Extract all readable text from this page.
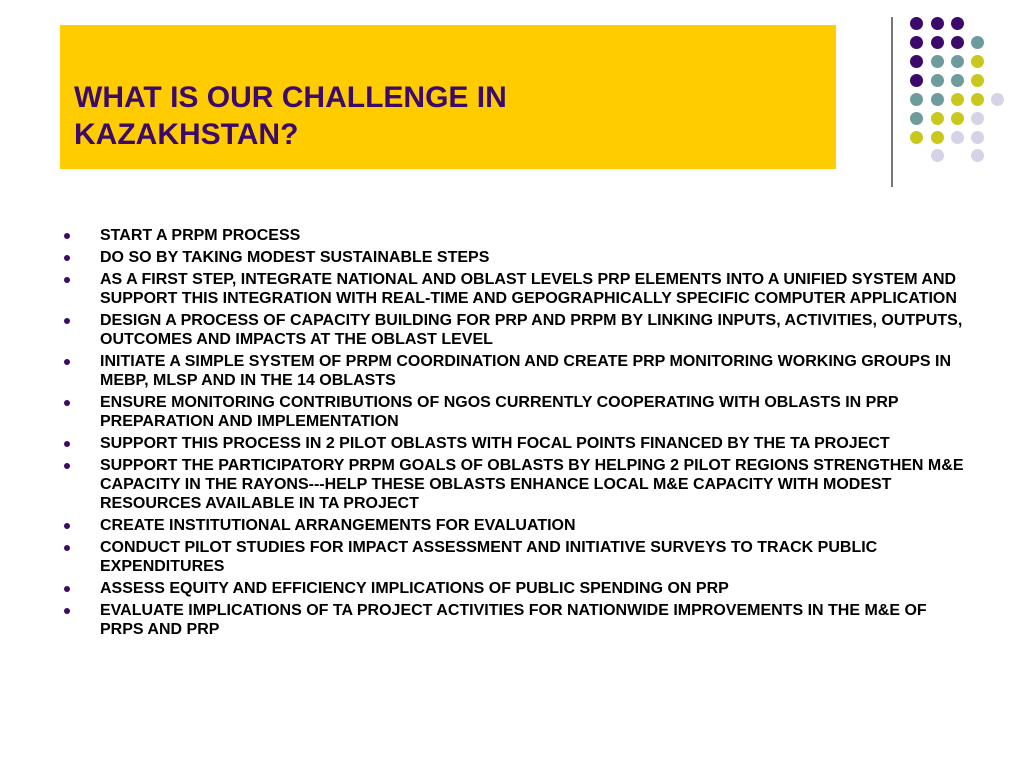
WHAT IS OUR CHALLENGE IN
KAZAKHSTAN?
START A PRPM PROCESS
DO SO BY TAKING MODEST SUSTAINABLE STEPS
AS A FIRST STEP, INTEGRATE NATIONAL AND OBLAST LEVELS PRP ELEMENTS INTO A UNIFIED SYSTEM AND SUPPORT THIS INTEGRATION WITH REAL-TIME AND GEPOGRAPHICALLY SPECIFIC COMPUTER APPLICATION
DESIGN A PROCESS OF CAPACITY BUILDING FOR PRP AND PRPM BY LINKING INPUTS, ACTIVITIES, OUTPUTS, OUTCOMES AND IMPACTS AT THE OBLAST LEVEL
INITIATE A SIMPLE SYSTEM OF PRPM COORDINATION AND CREATE PRP MONITORING WORKING GROUPS IN MEBP, MLSP AND IN THE 14 OBLASTS
ENSURE MONITORING CONTRIBUTIONS OF NGOS CURRENTLY COOPERATING WITH OBLASTS IN PRP PREPARATION AND IMPLEMENTATION
SUPPORT THIS PROCESS IN 2 PILOT OBLASTS WITH FOCAL POINTS FINANCED BY THE TA PROJECT
SUPPORT THE PARTICIPATORY PRPM GOALS OF OBLASTS BY HELPING 2 PILOT REGIONS STRENGTHEN M&E CAPACITY IN THE RAYONS---HELP THESE OBLASTS ENHANCE LOCAL M&E CAPACITY WITH MODEST RESOURCES AVAILABLE IN TA PROJECT
CREATE INSTITUTIONAL ARRANGEMENTS FOR EVALUATION
CONDUCT PILOT STUDIES FOR IMPACT ASSESSMENT AND INITIATIVE SURVEYS TO TRACK PUBLIC EXPENDITURES
ASSESS EQUITY AND EFFICIENCY IMPLICATIONS OF PUBLIC SPENDING ON PRP
EVALUATE IMPLICATIONS OF TA PROJECT ACTIVITIES FOR NATIONWIDE IMPROVEMENTS IN THE M&E OF PRPS AND PRP
